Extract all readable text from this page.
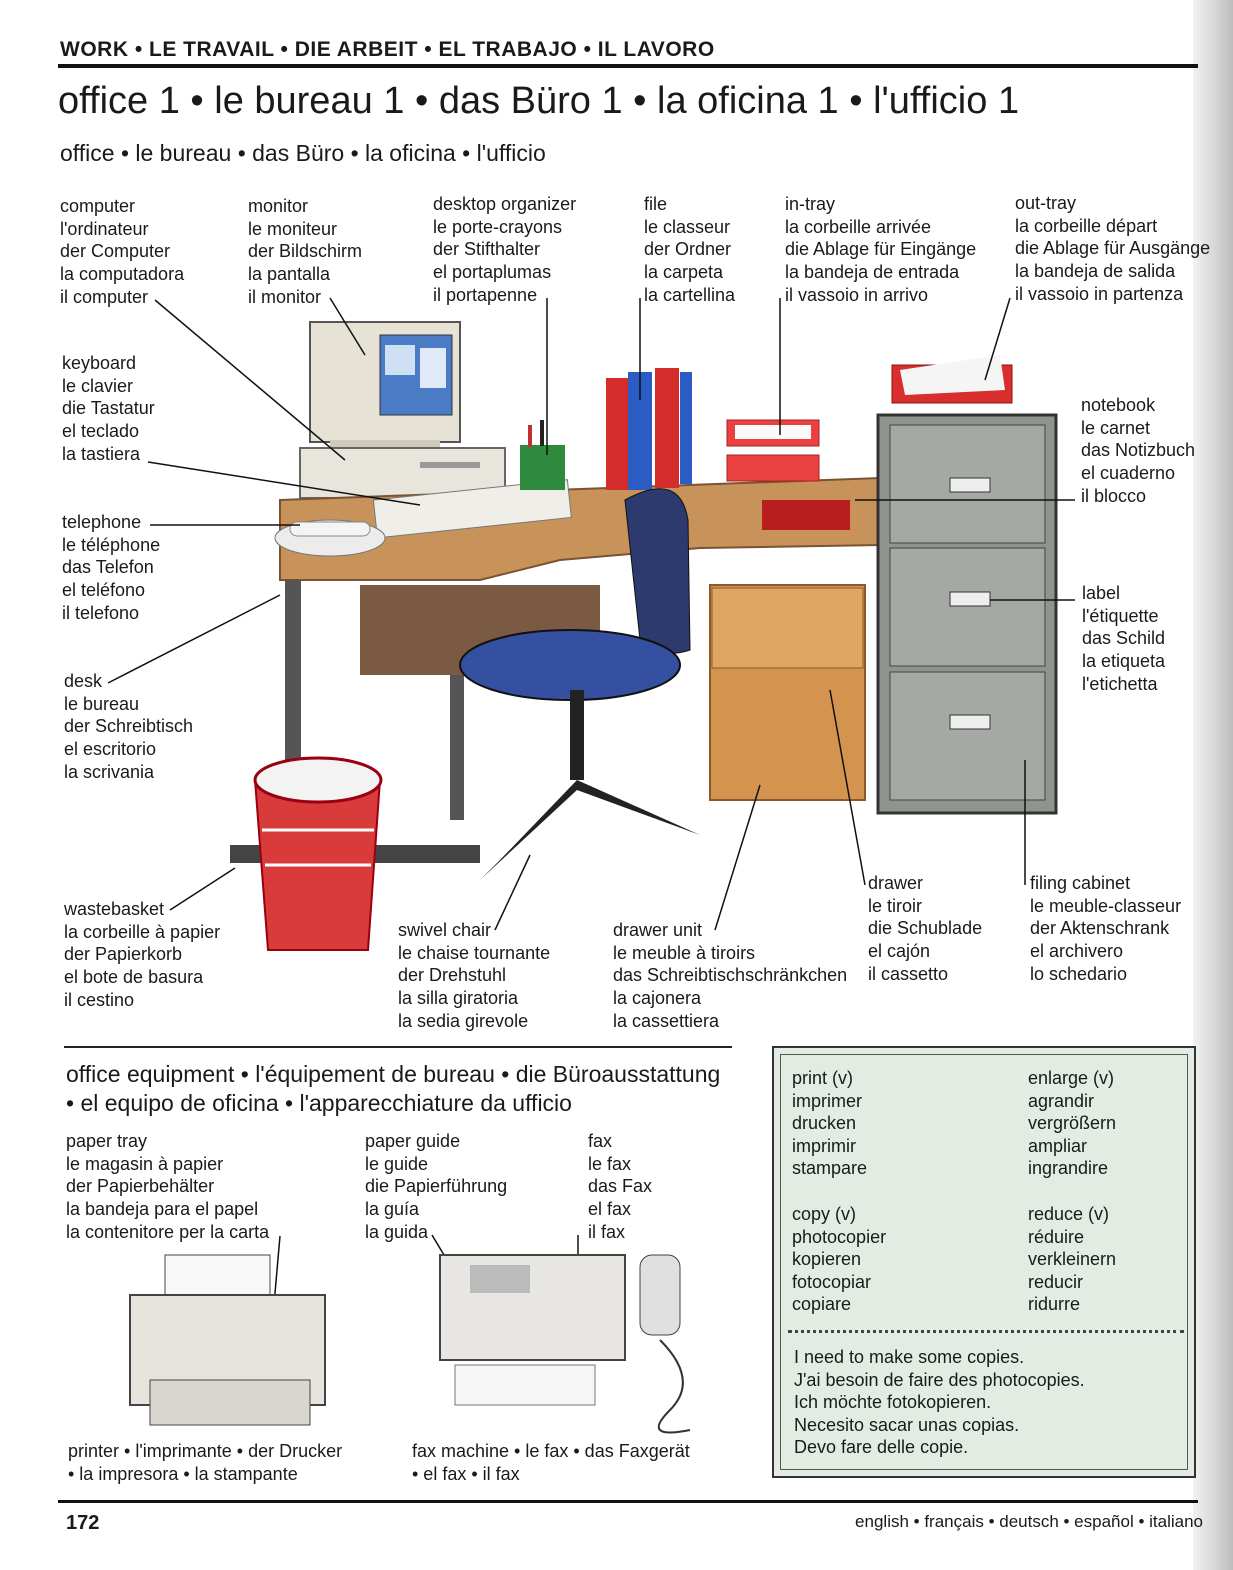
WORK • LE TRAVAIL • DIE ARBEIT • EL TRABAJO • IL LAVORO
office 1 • le bureau 1 • das Büro 1 • la oficina 1 • l'ufficio 1
office • le bureau • das Büro • la oficina • l'ufficio
computer
l'ordinateur
der Computer
la computadora
il computer
monitor
le moniteur
der Bildschirm
la pantalla
il monitor
desktop organizer
le porte-crayons
der Stifthalter
el portaplumas
il portapenne
file
le classeur
der Ordner
la carpeta
la cartellina
in-tray
la corbeille arrivée
die Ablage für Eingänge
la bandeja de entrada
il vassoio in arrivo
out-tray
la corbeille départ
die Ablage für Ausgänge
la bandeja de salida
il vassoio in partenza
keyboard
le clavier
die Tastatur
el teclado
la tastiera
notebook
le carnet
das Notizbuch
el cuaderno
il blocco
telephone
le téléphone
das Telefon
el teléfono
il telefono
label
l'étiquette
das Schild
la etiqueta
l'etichetta
desk
le bureau
der Schreibtisch
el escritorio
la scrivania
drawer
le tiroir
die Schublade
el cajón
il cassetto
filing cabinet
le meuble-classeur
der Aktenschrank
el archivero
lo schedario
wastebasket
la corbeille à papier
der Papierkorb
el bote de basura
il cestino
swivel chair
le chaise tournante
der Drehstuhl
la silla giratoria
la sedia girevole
drawer unit
le meuble à tiroirs
das Schreibtischschränkchen
la cajonera
la cassettiera
office equipment • l'équipement de bureau • die Büroausstattung
• el equipo de oficina • l'apparecchiature da ufficio
paper tray
le magasin à papier
der Papierbehälter
la bandeja para el papel
la contenitore per la carta
paper guide
le guide
die Papierführung
la guía
la guida
fax
le fax
das Fax
el fax
il fax
printer • l'imprimante • der Drucker
• la impresora • la stampante
fax machine • le fax • das Faxgerät
• el fax • il fax
print (v)
imprimer
drucken
imprimir
stampare
enlarge (v)
agrandir
vergrößern
ampliar
ingrandire
copy (v)
photocopier
kopieren
fotocopiar
copiare
reduce (v)
réduire
verkleinern
reducir
ridurre
I need to make some copies.
J'ai besoin de faire des photocopies.
Ich möchte fotokopieren.
Necesito sacar unas copias.
Devo fare delle copie.
172	english • français • deutsch • español • italiano
